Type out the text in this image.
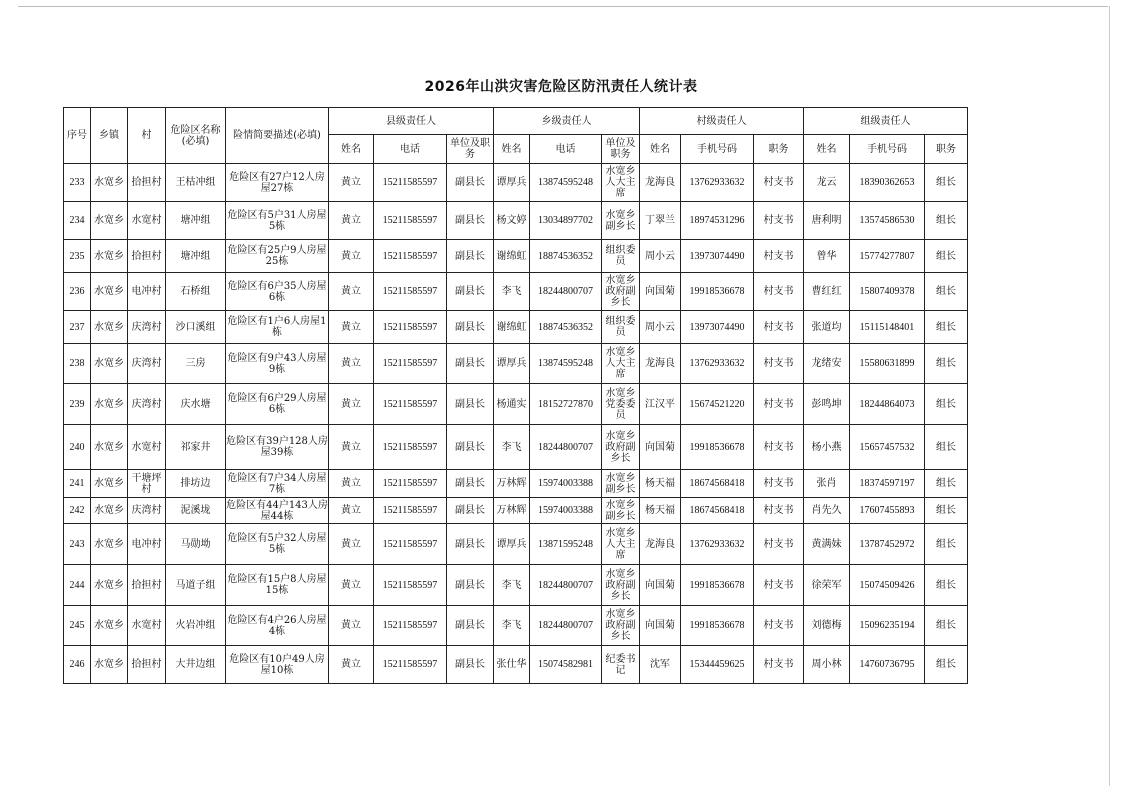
2026年山洪灾害危险区防汛责任人统计表
序号	乡镇	村	危险区名称(必填)	险情简要描述(必填)	县级责任人			乡级责任人			村级责任人			组级责任人		
					姓名	电话	单位及职务	姓名	电话	单位及职务	姓名	手机号码	职务	姓名	手机号码	职务
233	水宽乡	拾担村	王枯冲组	危险区有27户12人房屋27栋	黄立	15211585597	副县长	谭厚兵	13874595248	水宽乡人大主席	龙海良	13762933632	村支书	龙云	18390362653	组长
234	水宽乡	水宽村	塘冲组	危险区有5户31人房屋5栋	黄立	15211585597	副县长	杨文婷	13034897702	水宽乡副乡长	丁翠兰	18974531296	村支书	唐利明	13574586530	组长
235	水宽乡	拾担村	塘冲组	危险区有25户9人房屋25栋	黄立	15211585597	副县长	谢绵虹	18874536352	组织委员	周小云	13973074490	村支书	曾华	15774277807	组长
236	水宽乡	电冲村	石桥组	危险区有6户35人房屋6栋	黄立	15211585597	副县长	李飞	18244800707	水宽乡政府副乡长	向国菊	19918536678	村支书	曹红红	15807409378	组长
237	水宽乡	庆湾村	沙口溪组	危险区有1户6人房屋1栋	黄立	15211585597	副县长	谢绵虹	18874536352	组织委员	周小云	13973074490	村支书	张道均	15115148401	组长
238	水宽乡	庆湾村	三房	危险区有9户43人房屋9栋	黄立	15211585597	副县长	谭厚兵	13874595248	水宽乡人大主席	龙海良	13762933632	村支书	龙绪安	15580631899	组长
239	水宽乡	庆湾村	庆水塘	危险区有6户29人房屋6栋	黄立	15211585597	副县长	杨通实	18152727870	水宽乡党委委员	江汉平	15674521220	村支书	彭鸣坤	18244864073	组长
240	水宽乡	水宽村	祁家井	危险区有39户128人房屋39栋	黄立	15211585597	副县长	李飞	18244800707	水宽乡政府副乡长	向国菊	19918536678	村支书	杨小燕	15657457532	组长
241	水宽乡	干塘坪村	排坊边	危险区有7户34人房屋7栋	黄立	15211585597	副县长	万林辉	15974003388	水宽乡副乡长	杨天福	18674568418	村支书	张肖	18374597197	组长
242	水宽乡	庆湾村	泥溪垅	危险区有44户143人房屋44栋	黄立	15211585597	副县长	万林辉	15974003388	水宽乡副乡长	杨天福	18674568418	村支书	肖先久	17607455893	组长
243	水宽乡	电冲村	马勋坳	危险区有5户32人房屋5栋	黄立	15211585597	副县长	谭厚兵	13871595248	水宽乡人大主席	龙海良	13762933632	村支书	黄满妹	13787452972	组长
244	水宽乡	拾担村	马道子组	危险区有15户8人房屋15栋	黄立	15211585597	副县长	李飞	18244800707	水宽乡政府副乡长	向国菊	19918536678	村支书	徐荣军	15074509426	组长
245	水宽乡	水宽村	火岩冲组	危险区有4户26人房屋4栋	黄立	15211585597	副县长	李飞	18244800707	水宽乡政府副乡长	向国菊	19918536678	村支书	刘德梅	15096235194	组长
246	水宽乡	拾担村	大井边组	危险区有10户49人房屋10栋	黄立	15211585597	副县长	张仕华	15074582981	纪委书记	沈军	15344459625	村支书	周小林	14760736795	组长
